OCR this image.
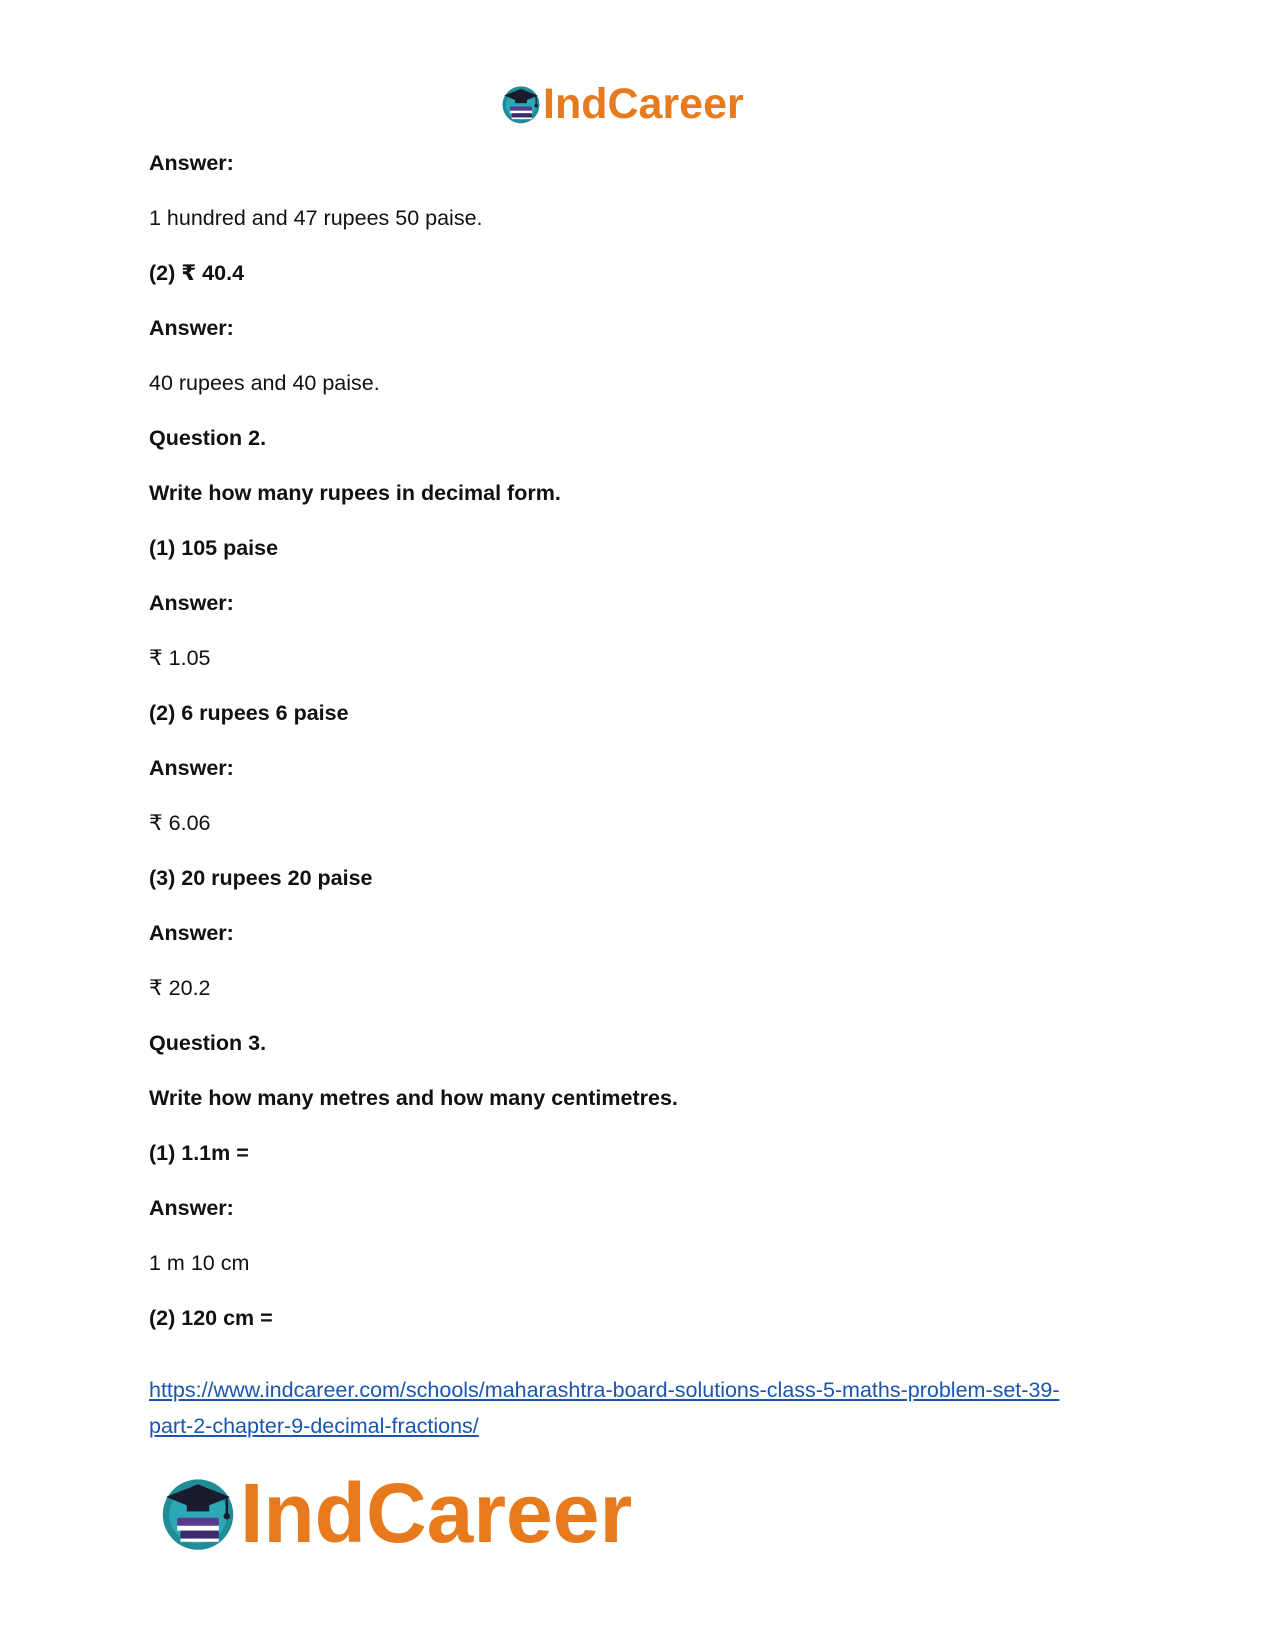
IndCareer
Answer:
1 hundred and 47 rupees 50 paise.
(2) ₹ 40.4
Answer:
40 rupees and 40 paise.
Question 2.
Write how many rupees in decimal form.
(1) 105 paise
Answer:
₹ 1.05
(2) 6 rupees 6 paise
Answer:
₹ 6.06
(3) 20 rupees 20 paise
Answer:
₹ 20.2
Question 3.
Write how many metres and how many centimetres.
(1) 1.1m =
Answer:
1 m 10 cm
(2) 120 cm =
https://www.indcareer.com/schools/maharashtra-board-solutions-class-5-maths-problem-set-39-
part-2-chapter-9-decimal-fractions/
IndCareer
